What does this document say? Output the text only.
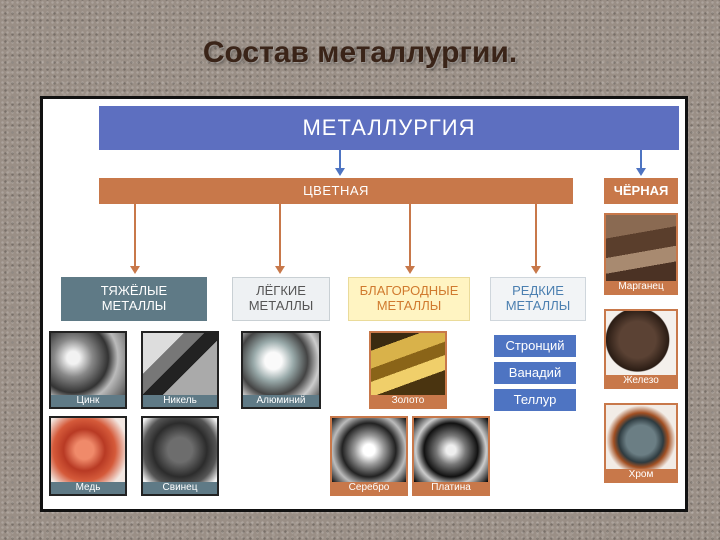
Состав металлургии.
МЕТАЛЛУРГИЯ
ЦВЕТНАЯ	ЧЁРНАЯ
ТЯЖЁЛЫЕ МЕТАЛЛЫ
ЛЁГКИЕ МЕТАЛЛЫ
БЛАГОРОДНЫЕ МЕТАЛЛЫ
РЕДКИЕ МЕТАЛЛЫ
Цинк	Никель
Медь	Свинец
Алюминий	Золото
Серебро	Платина
Стронций
Ванадий
Теллур
Марганец
Железо
Хром
